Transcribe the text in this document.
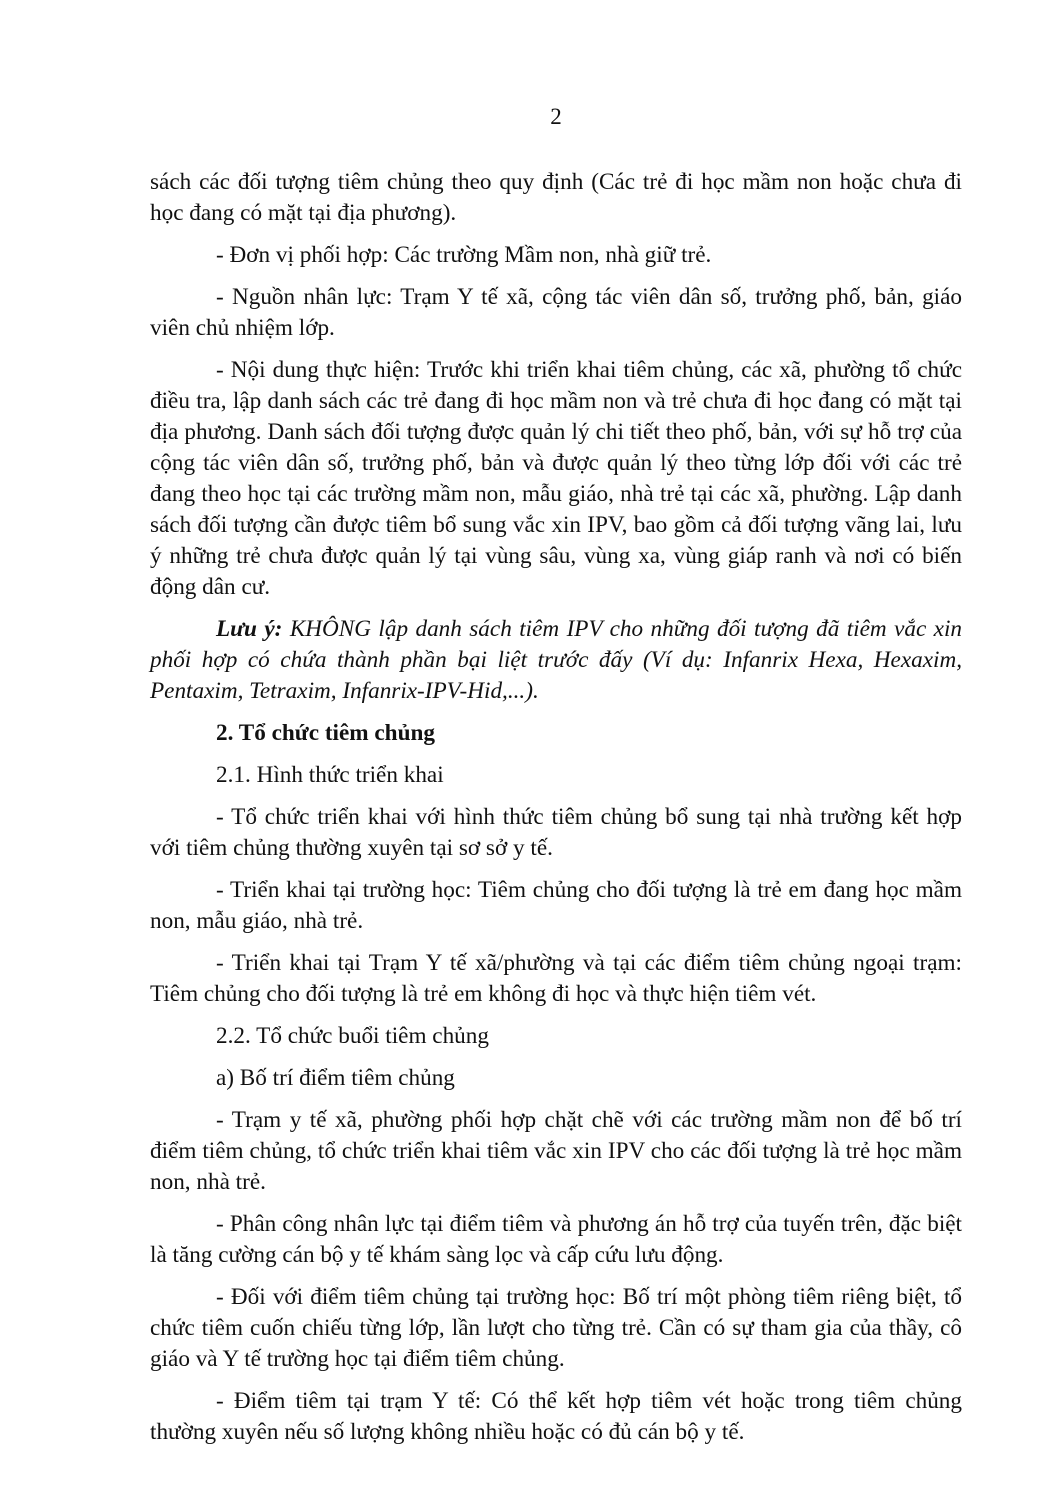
2

sách các đối tượng tiêm chủng theo quy định (Các trẻ đi học mầm non hoặc chưa đi học đang có mặt tại địa phương).

- Đơn vị phối hợp: Các trường Mầm non, nhà giữ trẻ.

- Nguồn nhân lực: Trạm Y tế xã, cộng tác viên dân số, trưởng phố, bản, giáo viên chủ nhiệm lớp.

- Nội dung thực hiện: Trước khi triển khai tiêm chủng, các xã, phường tổ chức điều tra, lập danh sách các trẻ đang đi học mầm non và trẻ chưa đi học đang có mặt tại địa phương. Danh sách đối tượng được quản lý chi tiết theo phố, bản, với sự hỗ trợ của cộng tác viên dân số, trưởng phố, bản và được quản lý theo từng lớp đối với các trẻ đang theo học tại các trường mầm non, mẫu giáo, nhà trẻ tại các xã, phường. Lập danh sách đối tượng cần được tiêm bổ sung vắc xin IPV, bao gồm cả đối tượng vãng lai, lưu ý những trẻ chưa được quản lý tại vùng sâu, vùng xa, vùng giáp ranh và nơi có biến động dân cư.

Lưu ý: KHÔNG lập danh sách tiêm IPV cho những đối tượng đã tiêm vắc xin phối hợp có chứa thành phần bại liệt trước đấy (Ví dụ: Infanrix Hexa, Hexaxim, Pentaxim, Tetraxim, Infanrix-IPV-Hid,...).

2. Tổ chức tiêm chủng

2.1. Hình thức triển khai

- Tổ chức triển khai với hình thức tiêm chủng bổ sung tại nhà trường kết hợp với tiêm chủng thường xuyên tại sơ sở y tế.

- Triển khai tại trường học: Tiêm chủng cho đối tượng là trẻ em đang học mầm non, mẫu giáo, nhà trẻ.

- Triển khai tại Trạm Y tế xã/phường và tại các điểm tiêm chủng ngoại trạm: Tiêm chủng cho đối tượng là trẻ em không đi học và thực hiện tiêm vét.

2.2. Tổ chức buổi tiêm chủng

a) Bố trí điểm tiêm chủng

- Trạm y tế xã, phường phối hợp chặt chẽ với các trường mầm non để bố trí điểm tiêm chủng, tổ chức triển khai tiêm vắc xin IPV cho các đối tượng là trẻ học mầm non, nhà trẻ.

- Phân công nhân lực tại điểm tiêm và phương án hỗ trợ của tuyến trên, đặc biệt là tăng cường cán bộ y tế khám sàng lọc và cấp cứu lưu động.

- Đối với điểm tiêm chủng tại trường học: Bố trí một phòng tiêm riêng biệt, tổ chức tiêm cuốn chiếu từng lớp, lần lượt cho từng trẻ. Cần có sự tham gia của thầy, cô giáo và Y tế trường học tại điểm tiêm chủng.

- Điểm tiêm tại trạm Y tế: Có thể kết hợp tiêm vét hoặc trong tiêm chủng thường xuyên nếu số lượng không nhiều hoặc có đủ cán bộ y tế.
